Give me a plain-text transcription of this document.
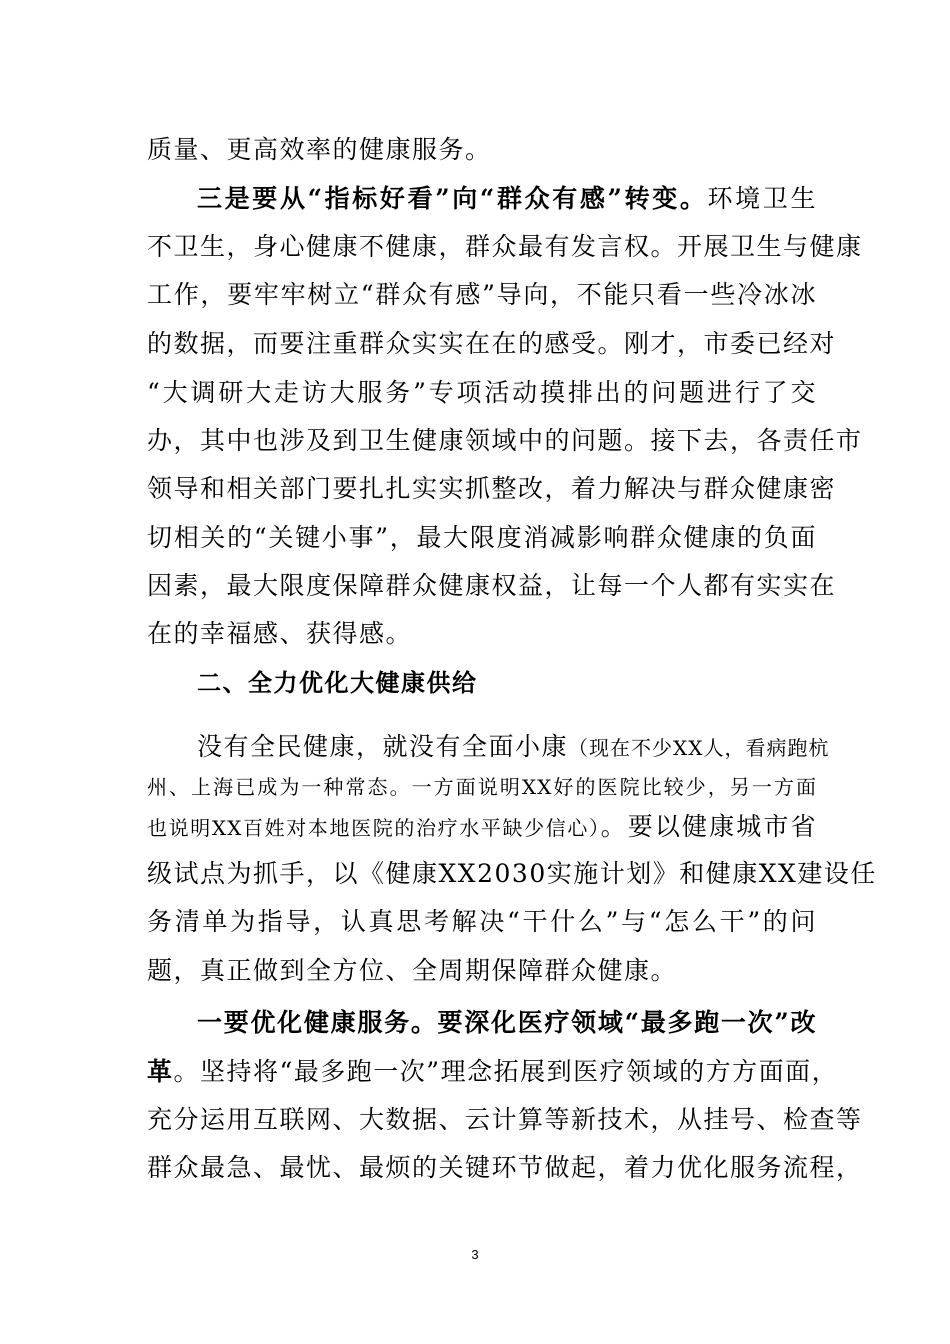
质量、更高效率的健康服务。
三是要从“指标好看”向“群众有感”转变。环境卫生
不卫生，身心健康不健康，群众最有发言权。开展卫生与健康
工作，要牢牢树立“群众有感”导向，不能只看一些冷冰冰
的数据，而要注重群众实实在在的感受。刚才，市委已经对
“大调研大走访大服务”专项活动摸排出的问题进行了交
办，其中也涉及到卫生健康领域中的问题。接下去，各责任市
领导和相关部门要扎扎实实抓整改，着力解决与群众健康密
切相关的“关键小事”，最大限度消减影响群众健康的负面
因素，最大限度保障群众健康权益，让每一个人都有实实在
在的幸福感、获得感。
二、全力优化大健康供给
没有全民健康，就没有全面小康（现在不少XX人，看病跑杭
州、上海已成为一种常态。一方面说明XX好的医院比较少，另一方面
也说明XX百姓对本地医院的治疗水平缺少信心）。要以健康城市省
级试点为抓手，以《健康XX2030实施计划》和健康XX建设任
务清单为指导，认真思考解决“干什么”与“怎么干”的问
题，真正做到全方位、全周期保障群众健康。
一要优化健康服务。要深化医疗领域“最多跑一次”改
革。坚持将“最多跑一次”理念拓展到医疗领域的方方面面，
充分运用互联网、大数据、云计算等新技术，从挂号、检查等
群众最急、最忧、最烦的关键环节做起，着力优化服务流程，
3
